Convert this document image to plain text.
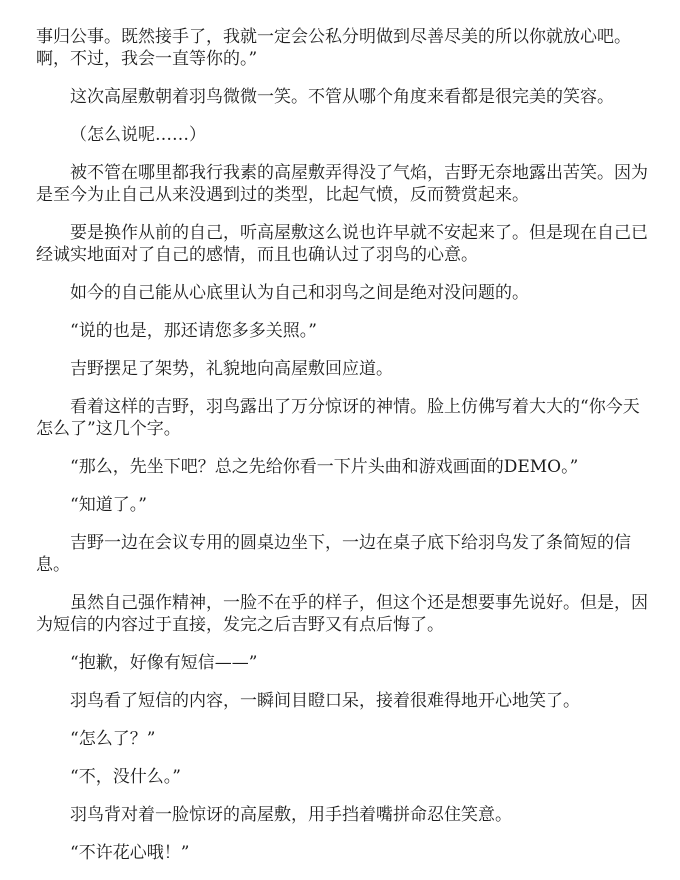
事归公事。既然接手了，我就一定会公私分明做到尽善尽美的所以你就放心吧。啊，不过，我会一直等你的。”

这次高屋敷朝着羽鸟微微一笑。不管从哪个角度来看都是很完美的笑容。

（怎么说呢……）

被不管在哪里都我行我素的高屋敷弄得没了气焰，吉野无奈地露出苦笑。因为是至今为止自己从来没遇到过的类型，比起气愤，反而赞赏起来。

要是换作从前的自己，听高屋敷这么说也许早就不安起来了。但是现在自己已经诚实地面对了自己的感情，而且也确认过了羽鸟的心意。

如今的自己能从心底里认为自己和羽鸟之间是绝对没问题的。

“说的也是，那还请您多多关照。”

吉野摆足了架势，礼貌地向高屋敷回应道。

看着这样的吉野，羽鸟露出了万分惊讶的神情。脸上仿佛写着大大的“你今天怎么了”这几个字。

“那么，先坐下吧？总之先给你看一下片头曲和游戏画面的DEMO。”

“知道了。”

吉野一边在会议专用的圆桌边坐下，一边在桌子底下给羽鸟发了条简短的信息。

虽然自己强作精神，一脸不在乎的样子，但这个还是想要事先说好。但是，因为短信的内容过于直接，发完之后吉野又有点后悔了。

“抱歉，好像有短信——”

羽鸟看了短信的内容，一瞬间目瞪口呆，接着很难得地开心地笑了。

“怎么了？”

“不，没什么。”

羽鸟背对着一脸惊讶的高屋敷，用手挡着嘴拼命忍住笑意。

“不许花心哦！”
